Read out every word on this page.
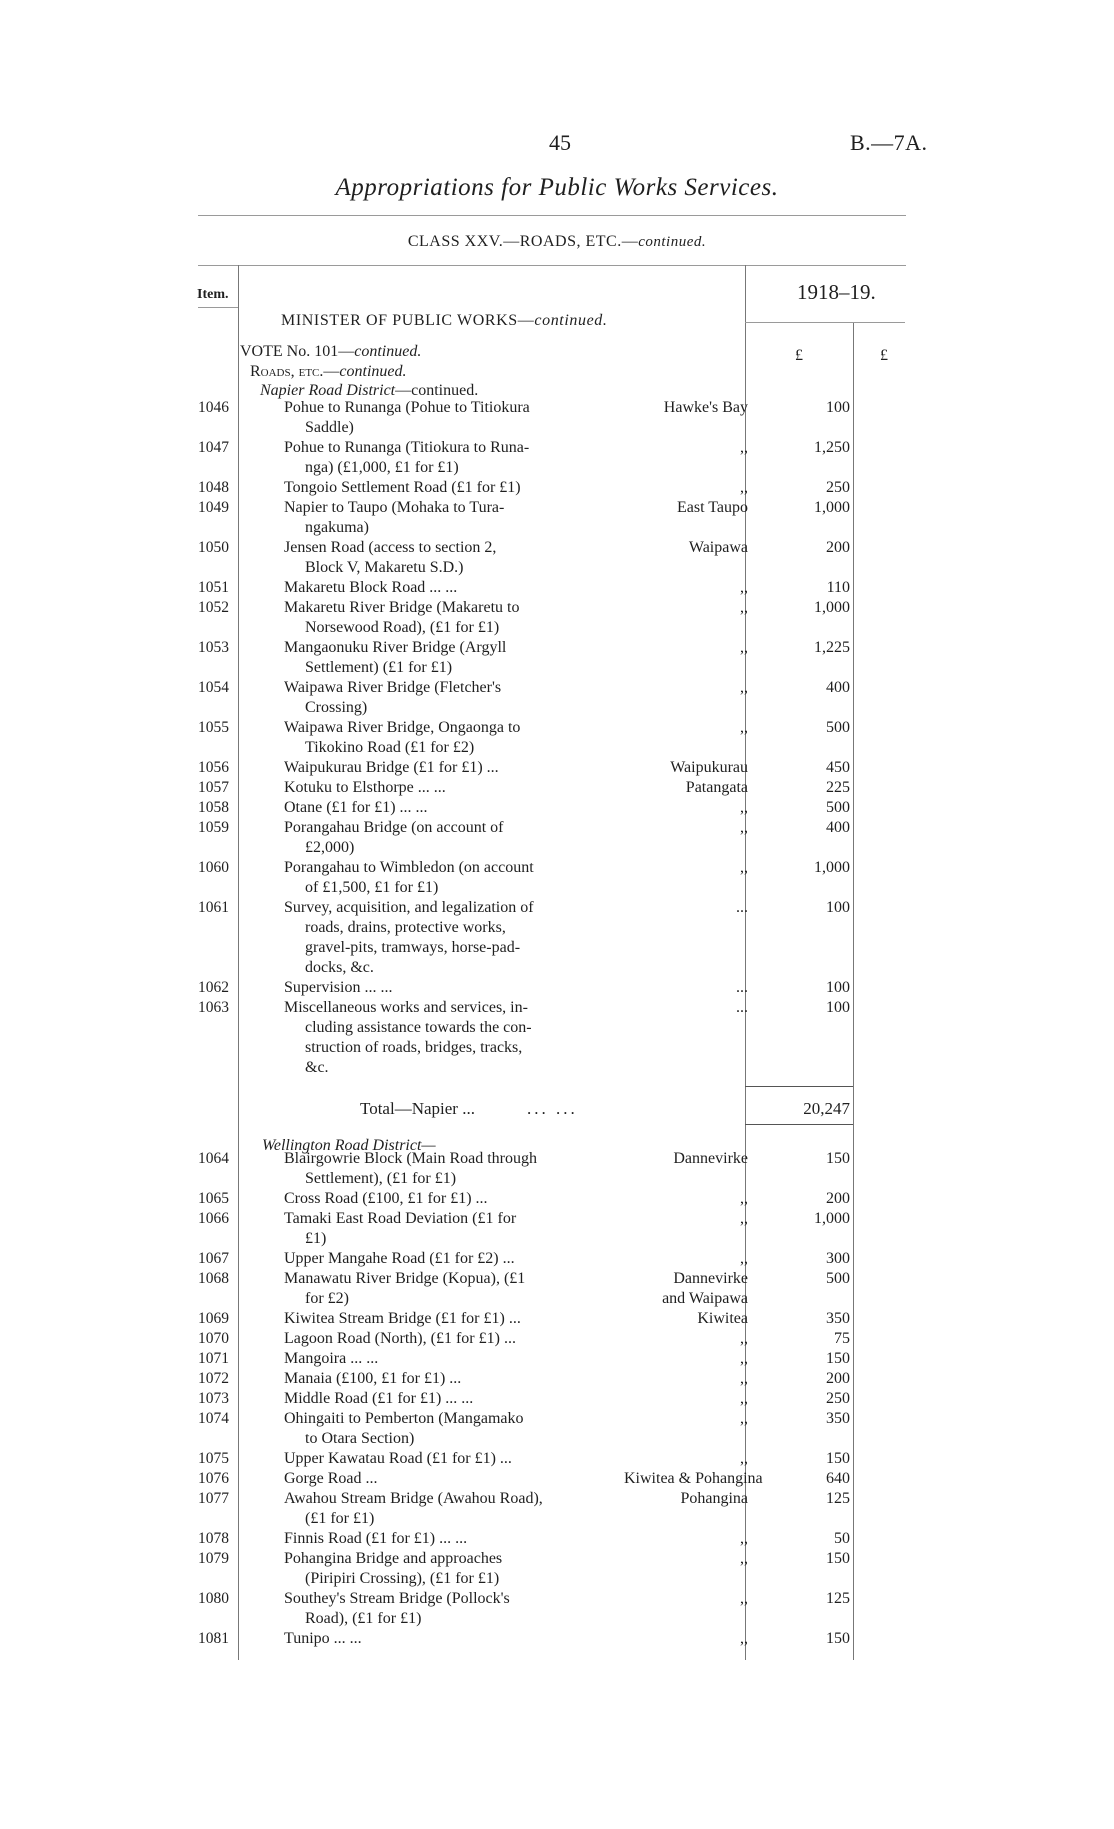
45	B.—7A.
Appropriations for Public Works Services.
CLASS XXV.—ROADS, ETC.—continued.
Item.	1918–19.
MINISTER OF PUBLIC WORKS—continued.
£	£
VOTE No. 101—continued.
Roads, etc.—continued.
Napier Road District—continued.
1046	Pohue to Runanga (Pohue to Titiokura
Saddle)
Hawke's Bay	100
1047	Pohue to Runanga (Titiokura to Runa-
nga) (£1,000, £1 for £1)
,,	1,250
1048	Tongoio Settlement Road (£1 for £1)	,,	250
1049	Napier to Taupo (Mohaka to Tura-
ngakuma)
East Taupo	1,000
1050	Jensen Road (access to section 2,
Block V, Makaretu S.D.)
Waipawa	200
1051	Makaretu Block Road ... ...	,,	110
1052	Makaretu River Bridge (Makaretu to
Norsewood Road), (£1 for £1)
,,	1,000
1053	Mangaonuku River Bridge (Argyll
Settlement) (£1 for £1)
,,	1,225
1054	Waipawa River Bridge (Fletcher's
Crossing)
,,	400
1055	Waipawa River Bridge, Ongaonga to
Tikokino Road (£1 for £2)
,,	500
1056	Waipukurau Bridge (£1 for £1) ...	Waipukurau	450
1057	Kotuku to Elsthorpe ... ...	Patangata	225
1058	Otane (£1 for £1) ... ...	,,	500
1059	Porangahau Bridge (on account of
£2,000)
,,	400
1060	Porangahau to Wimbledon (on account
of £1,500, £1 for £1)
,,	1,000
1061	Survey, acquisition, and legalization of
roads, drains, protective works,
gravel-pits, tramways, horse-pad-
docks, &c.
...	100
1062	Supervision ... ...	...	100
1063	Miscellaneous works and services, in-
cluding assistance towards the con-
struction of roads, bridges, tracks,
&c.
...	100
Total—Napier ...	... ...	20,247
Wellington Road District—
1064	Blairgowrie Block (Main Road through
Settlement), (£1 for £1)
Dannevirke	150
1065	Cross Road (£100, £1 for £1) ...	,,	200
1066	Tamaki East Road Deviation (£1 for
£1)
,,	1,000
1067	Upper Mangahe Road (£1 for £2) ...	,,	300
1068	Manawatu River Bridge (Kopua), (£1
for £2)
Dannevirke
and Waipawa
500
1069	Kiwitea Stream Bridge (£1 for £1) ...	Kiwitea	350
1070	Lagoon Road (North), (£1 for £1) ...	,,	75
1071	Mangoira ... ...	,,	150
1072	Manaia (£100, £1 for £1) ...	,,	200
1073	Middle Road (£1 for £1) ... ...	,,	250
1074	Ohingaiti to Pemberton (Mangamako
to Otara Section)
,,	350
1075	Upper Kawatau Road (£1 for £1) ...	,,	150
1076	Gorge Road ...	Kiwitea & Pohangina	640
1077	Awahou Stream Bridge (Awahou Road),
(£1 for £1)
Pohangina	125
1078	Finnis Road (£1 for £1) ... ...	,,	50
1079	Pohangina Bridge and approaches
(Piripiri Crossing), (£1 for £1)
,,	150
1080	Southey's Stream Bridge (Pollock's
Road), (£1 for £1)
,,	125
1081	Tunipo ... ...	,,	150
